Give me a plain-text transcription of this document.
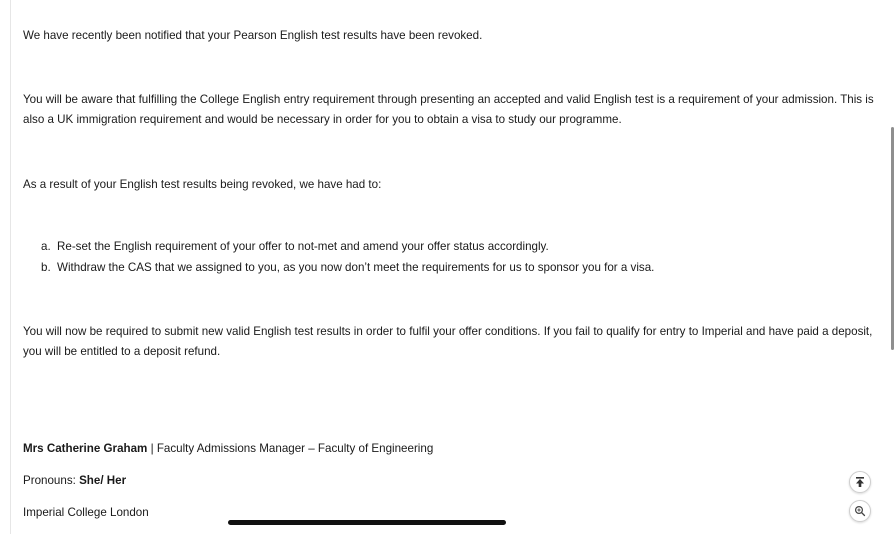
We have recently been notified that your Pearson English test results have been revoked.

You will be aware that fulfilling the College English entry requirement through presenting an accepted and valid English test is a requirement of your admission. This is also a UK immigration requirement and would be necessary in order for you to obtain a visa to study our programme.

As a result of your English test results being revoked, we have had to:

a. Re-set the English requirement of your offer to not-met and amend your offer status accordingly.
b. Withdraw the CAS that we assigned to you, as you now don’t meet the requirements for us to sponsor you for a visa.

You will now be required to submit new valid English test results in order to fulfil your offer conditions. If you fail to qualify for entry to Imperial and have paid a deposit, you will be entitled to a deposit refund.

Mrs Catherine Graham | Faculty Admissions Manager – Faculty of Engineering

Pronouns: She/ Her

Imperial College London
